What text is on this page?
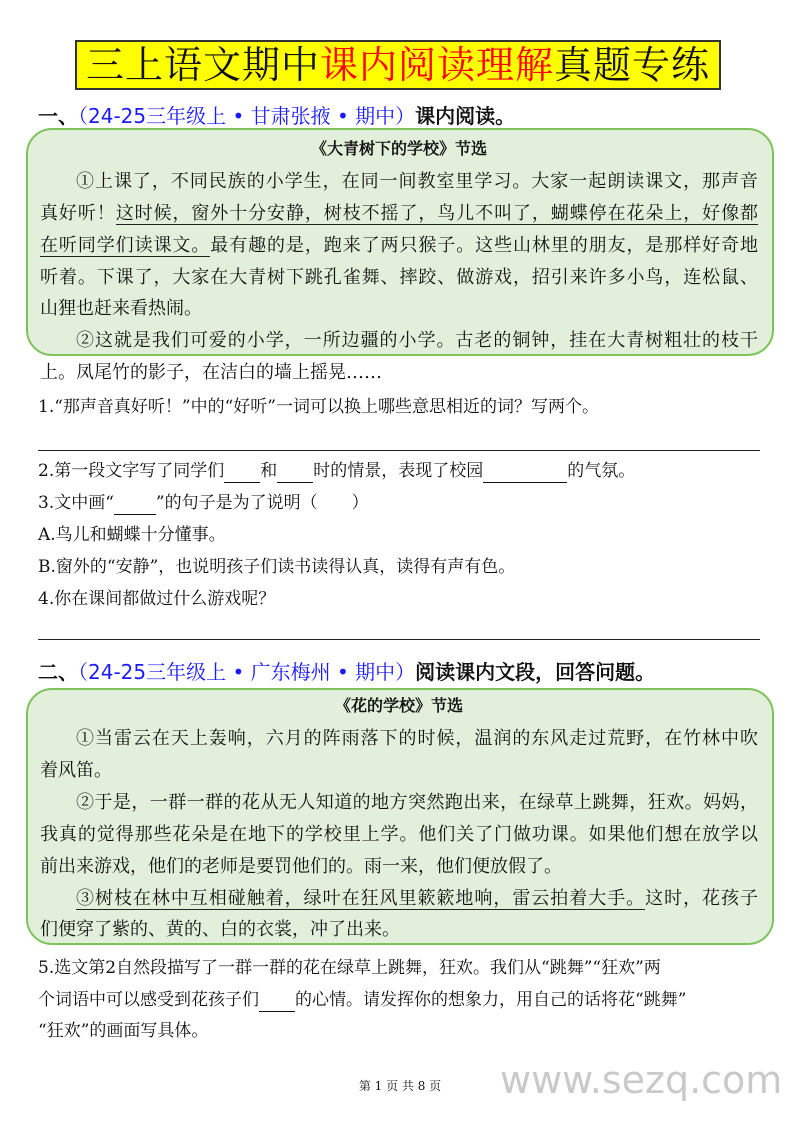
三上语文期中课内阅读理解真题专练
一、（24-25三年级上 • 甘肃张掖 • 期中）课内阅读。
《大青树下的学校》节选
①上课了，不同民族的小学生，在同一间教室里学习。大家一起朗读课文，那声音
真好听！这时候，窗外十分安静，树枝不摇了，鸟儿不叫了，蝴蝶停在花朵上，好像都
在听同学们读课文。最有趣的是，跑来了两只猴子。这些山林里的朋友，是那样好奇地
听着。下课了，大家在大青树下跳孔雀舞、摔跤、做游戏，招引来许多小鸟，连松鼠、
山狸也赶来看热闹。
②这就是我们可爱的小学，一所边疆的小学。古老的铜钟，挂在大青树粗壮的枝干
上。凤尾竹的影子，在洁白的墙上摇晃……
1.“那声音真好听！”中的“好听”一词可以换上哪些意思相近的词？写两个。
2.第一段文字写了同学们 和 时的情景，表现了校园	的气氛。
3.文中画“ ”的句子是为了说明（　　）
A.鸟儿和蝴蝶十分懂事。
B.窗外的“安静”，也说明孩子们读书读得认真，读得有声有色。
4.你在课间都做过什么游戏呢？
二、（24-25三年级上 • 广东梅州 • 期中）阅读课内文段，回答问题。
《花的学校》节选
①当雷云在天上轰响，六月的阵雨落下的时候，温润的东风走过荒野，在竹林中吹
着风笛。
②于是，一群一群的花从无人知道的地方突然跑出来，在绿草上跳舞，狂欢。妈妈，
我真的觉得那些花朵是在地下的学校里上学。他们关了门做功课。如果他们想在放学以
前出来游戏，他们的老师是要罚他们的。雨一来，他们便放假了。
③树枝在林中互相碰触着，绿叶在狂风里簌簌地响，雷云拍着大手。这时，花孩子
们便穿了紫的、黄的、白的衣裳，冲了出来。
5.选文第2自然段描写了一群一群的花在绿草上跳舞，狂欢。我们从“跳舞”“狂欢”两
个词语中可以感受到花孩子们 的心情。请发挥你的想象力，用自己的话将花“跳舞”
“狂欢”的画面写具体。
www.sezq.com
第 1 页 共 8 页
